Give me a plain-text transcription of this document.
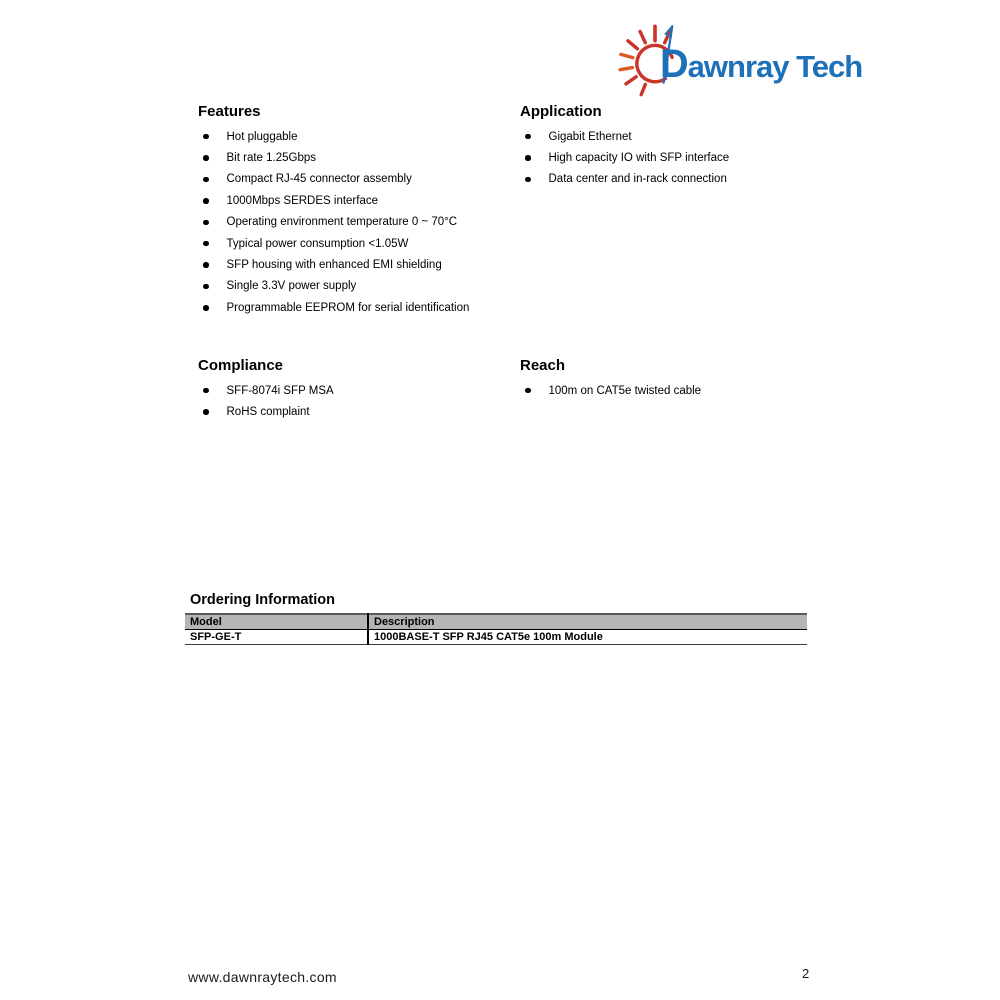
Dawnray Tech
Features
Hot pluggable
Bit rate 1.25Gbps
Compact RJ-45 connector assembly
1000Mbps SERDES interface
Operating environment temperature 0 ~ 70°C
Typical power consumption <1.05W
SFP housing with enhanced EMI shielding
Single 3.3V power supply
Programmable EEPROM for serial identification
Application
Gigabit Ethernet
High capacity IO with SFP interface
Data center and in-rack connection
Compliance
SFF-8074i SFP MSA
RoHS complaint
Reach
100m on CAT5e twisted cable
Ordering Information
Model	Description
SFP-GE-T	1000BASE-T SFP RJ45 CAT5e 100m Module
www.dawnraytech.com	2
